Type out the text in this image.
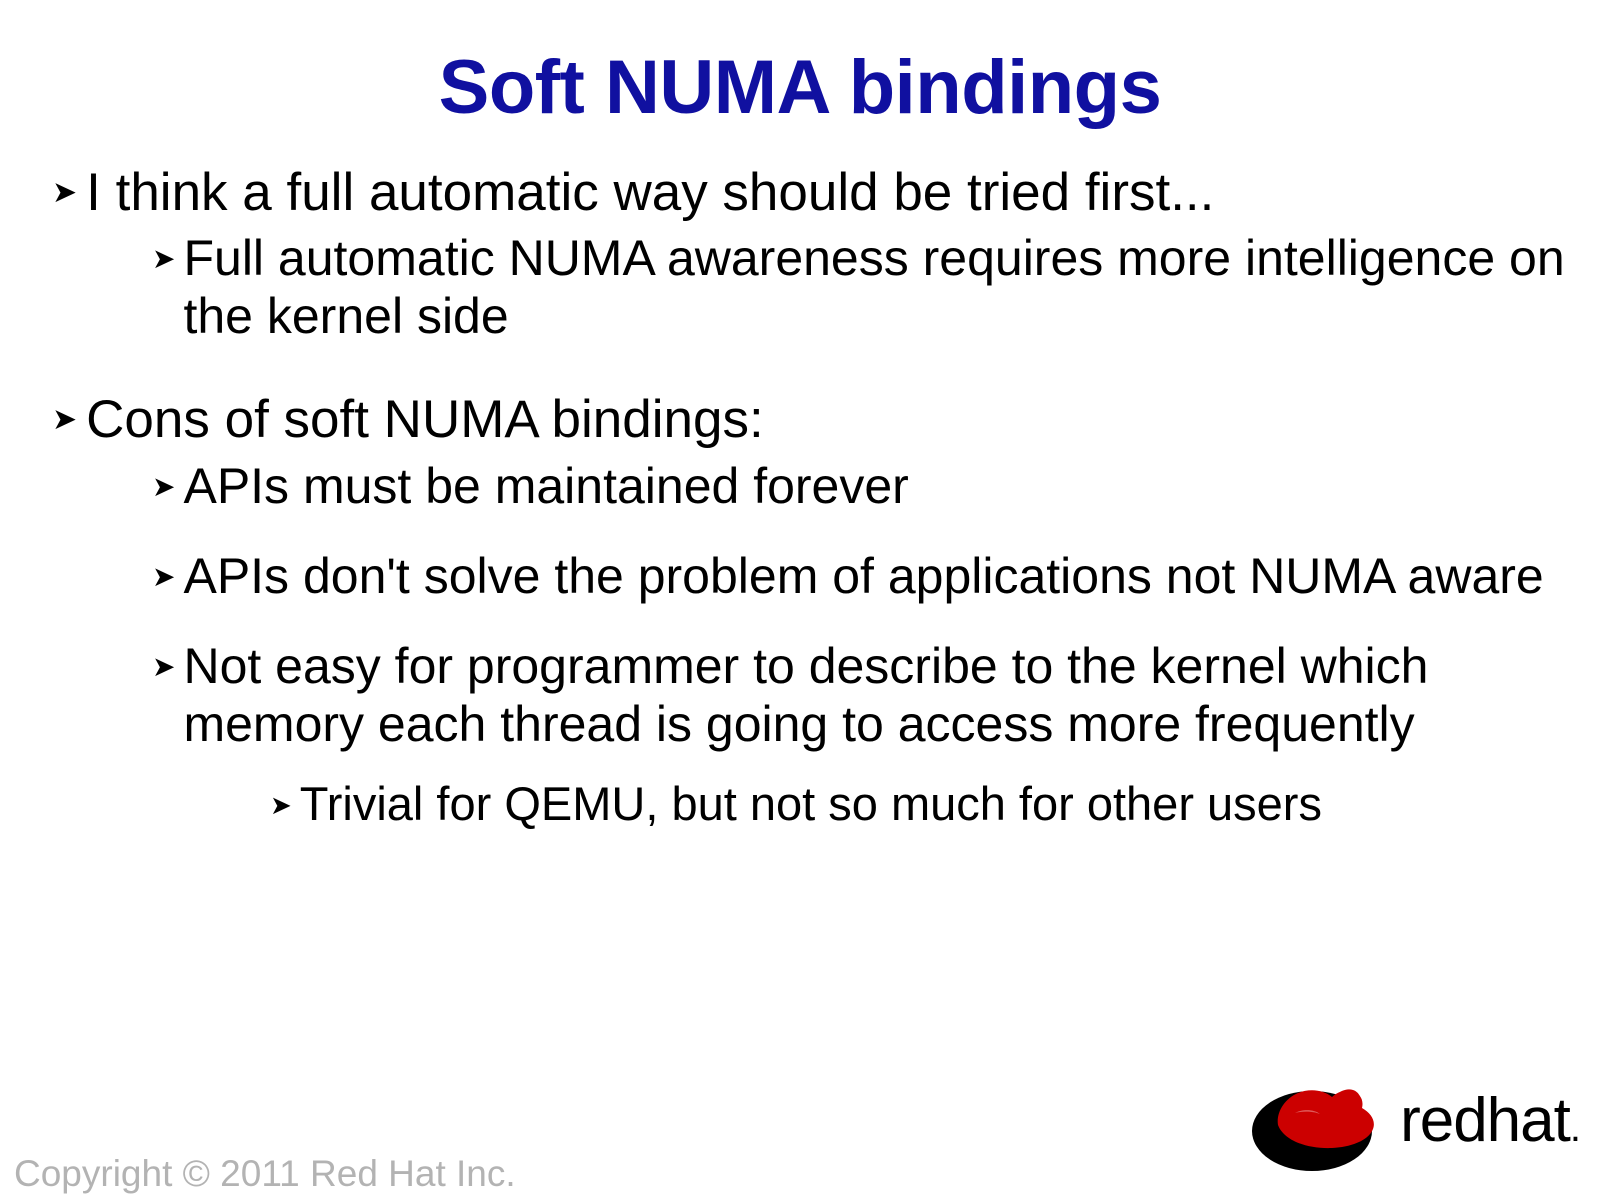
Soft NUMA bindings
➤ I think a full automatic way should be tried first...
➤ Full automatic NUMA awareness requires more intelligence on the kernel side
➤ Cons of soft NUMA bindings:
➤ APIs must be maintained forever
➤ APIs don't solve the problem of applications not NUMA aware
➤ Not easy for programmer to describe to the kernel which memory each thread is going to access more frequently
➤ Trivial for QEMU, but not so much for other users
Copyright © 2011 Red Hat Inc.
redhat.
